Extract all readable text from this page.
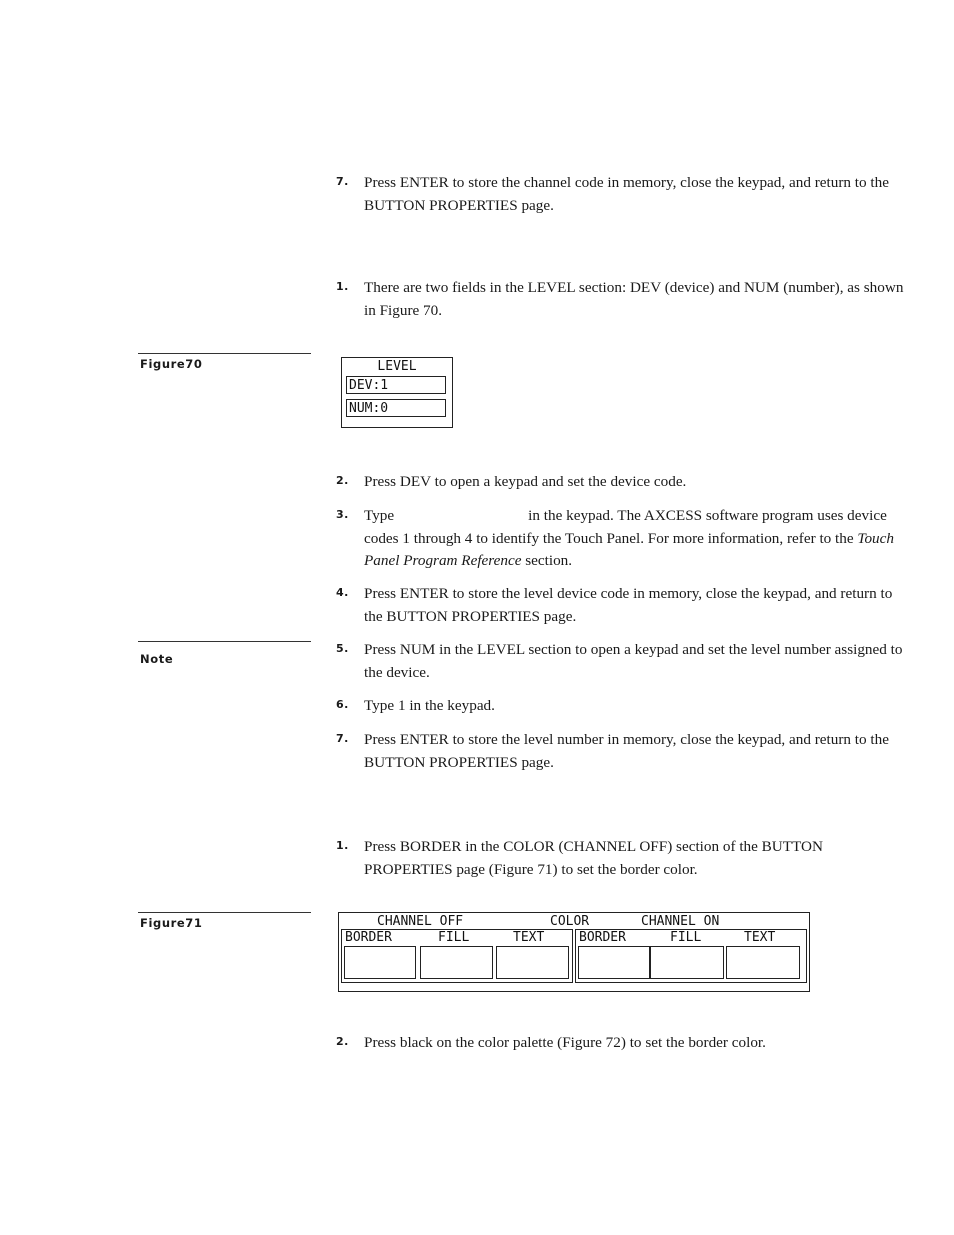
7. Press ENTER to store the channel code in memory, close the keypad, and return to the BUTTON PROPERTIES page.
1. There are two fields in the LEVEL section: DEV (device) and NUM (number), as shown in Figure 70.
Figure70	LEVEL
DEV:1
NUM:0
2. Press DEV to open a keypad and set the device code.
3. Type	in the keypad. The AXCESS software program uses device codes 1 through 4 to identify the Touch Panel. For more information, refer to the Touch Panel Program Reference section.
4. Press ENTER to store the level device code in memory, close the keypad, and return to the BUTTON PROPERTIES page.
Note
5. Press NUM in the LEVEL section to open a keypad and set the level number assigned to the device.
6. Type 1 in the keypad.
7. Press ENTER to store the level number in memory, close the keypad, and return to the BUTTON PROPERTIES page.
1. Press BORDER in the COLOR (CHANNEL OFF) section of the BUTTON PROPERTIES page (Figure 71) to set the border color.
Figure71	CHANNEL OFF	COLOR	CHANNEL ON
BORDER	FILL	TEXT	BORDER	FILL	TEXT
2. Press black on the color palette (Figure 72) to set the border color.
